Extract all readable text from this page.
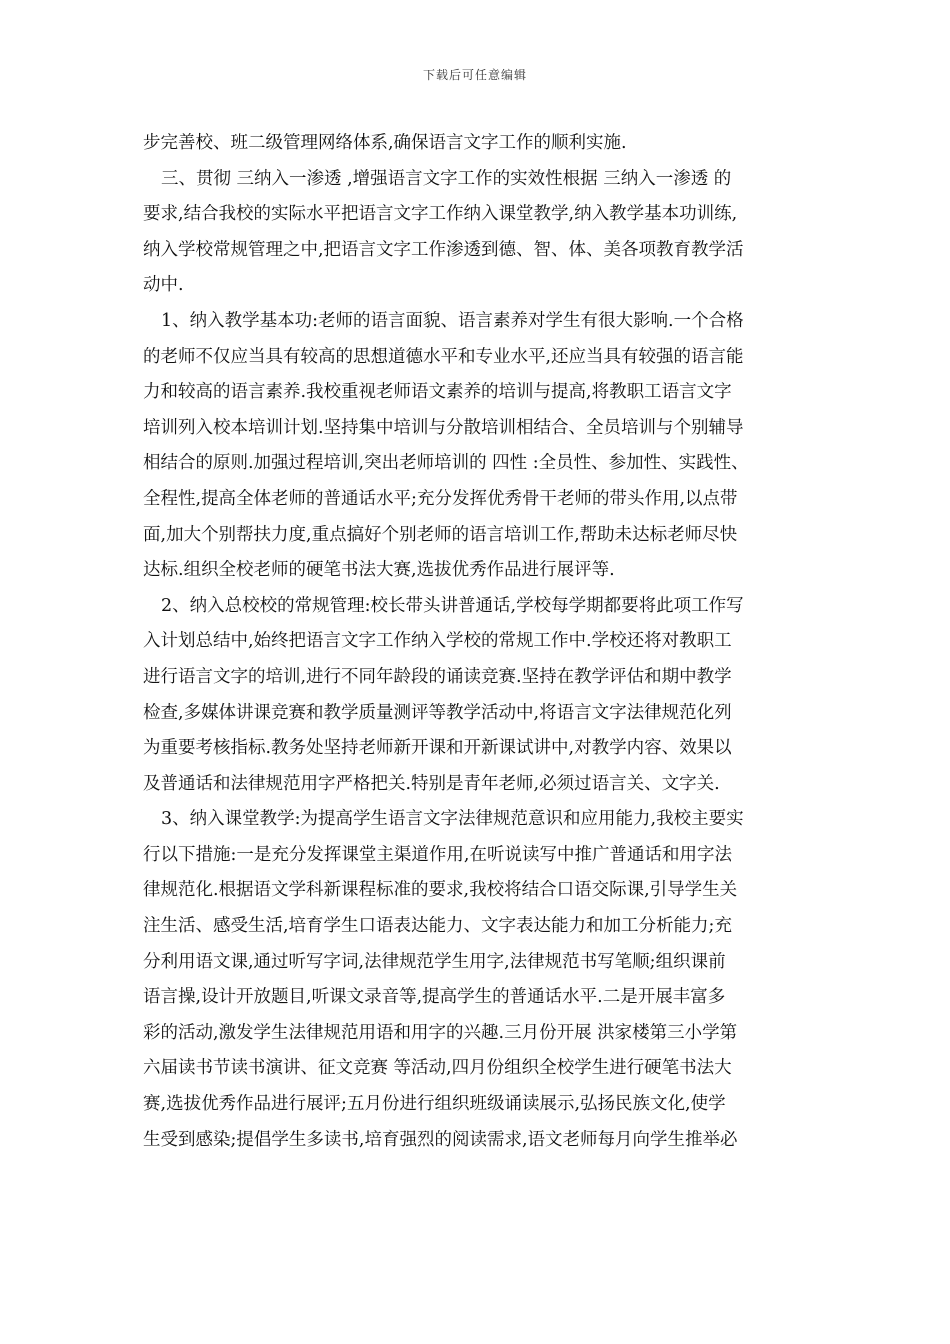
下载后可任意编辑
步完善校、班二级管理网络体系,确保语言文字工作的顺利实施.
三、贯彻 三纳入一渗透 ,增强语言文字工作的实效性根据 三纳入一渗透 的
要求,结合我校的实际水平把语言文字工作纳入课堂教学,纳入教学基本功训练,
纳入学校常规管理之中,把语言文字工作渗透到德、智、体、美各项教育教学活
动中.
1、纳入教学基本功:老师的语言面貌、语言素养对学生有很大影响.一个合格
的老师不仅应当具有较高的思想道德水平和专业水平,还应当具有较强的语言能
力和较高的语言素养.我校重视老师语文素养的培训与提高,将教职工语言文字
培训列入校本培训计划.坚持集中培训与分散培训相结合、全员培训与个别辅导
相结合的原则.加强过程培训,突出老师培训的 四性 :全员性、参加性、实践性、
全程性,提高全体老师的普通话水平;充分发挥优秀骨干老师的带头作用,以点带
面,加大个别帮扶力度,重点搞好个别老师的语言培训工作,帮助未达标老师尽快
达标.组织全校老师的硬笔书法大赛,选拔优秀作品进行展评等.
2、纳入总校校的常规管理:校长带头讲普通话,学校每学期都要将此项工作写
入计划总结中,始终把语言文字工作纳入学校的常规工作中.学校还将对教职工
进行语言文字的培训,进行不同年龄段的诵读竞赛.坚持在教学评估和期中教学
检查,多媒体讲课竞赛和教学质量测评等教学活动中,将语言文字法律规范化列
为重要考核指标.教务处坚持老师新开课和开新课试讲中,对教学内容、效果以
及普通话和法律规范用字严格把关.特别是青年老师,必须过语言关、文字关.
3、纳入课堂教学:为提高学生语言文字法律规范意识和应用能力,我校主要实
行以下措施:一是充分发挥课堂主渠道作用,在听说读写中推广普通话和用字法
律规范化.根据语文学科新课程标准的要求,我校将结合口语交际课,引导学生关
注生活、感受生活,培育学生口语表达能力、文字表达能力和加工分析能力;充
分利用语文课,通过听写字词,法律规范学生用字,法律规范书写笔顺;组织课前
语言操,设计开放题目,听课文录音等,提高学生的普通话水平.二是开展丰富多
彩的活动,激发学生法律规范用语和用字的兴趣.三月份开展 洪家楼第三小学第
六届读书节读书演讲、征文竞赛 等活动,四月份组织全校学生进行硬笔书法大
赛,选拔优秀作品进行展评;五月份进行组织班级诵读展示,弘扬民族文化,使学
生受到感染;提倡学生多读书,培育强烈的阅读需求,语文老师每月向学生推举必
